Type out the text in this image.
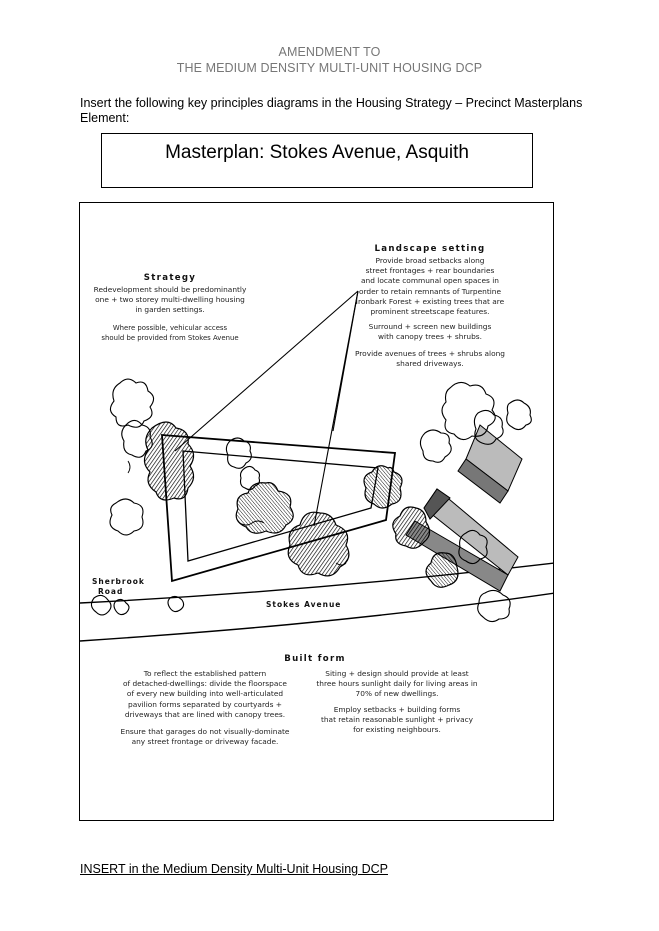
AMENDMENT TO
THE MEDIUM DENSITY MULTI-UNIT HOUSING DCP
Insert the following key principles diagrams in the Housing Strategy – Precinct Masterplans Element:
Masterplan: Stokes Avenue, Asquith
Strategy
Redevelopment should be predominantly
one + two storey multi-dwelling housing
in garden settings.
Where possible, vehicular access
should be provided from Stokes Avenue
Landscape setting
Provide broad setbacks along
street frontages + rear boundaries
and locate communal open spaces in
order to retain remnants of Turpentine
Ironbark Forest + existing trees that are
prominent streetscape features.
Surround + screen new buildings
with canopy trees + shrubs.
Provide avenues of trees + shrubs along
shared driveways.
Sherbrook
Road
Stokes Avenue
Built form
To reflect the established pattern
of detached-dwellings: divide the floorspace
of every new building into well-articulated
pavilion forms separated by courtyards +
driveways that are lined with canopy trees.
Ensure that garages do not visually-dominate
any street frontage or driveway facade.
Siting + design should provide at least
three hours sunlight daily for living areas in
70% of new dwellings.
Employ setbacks + building forms
that retain reasonable sunlight + privacy
for existing neighbours.
INSERT in the Medium Density Multi-Unit Housing DCP
